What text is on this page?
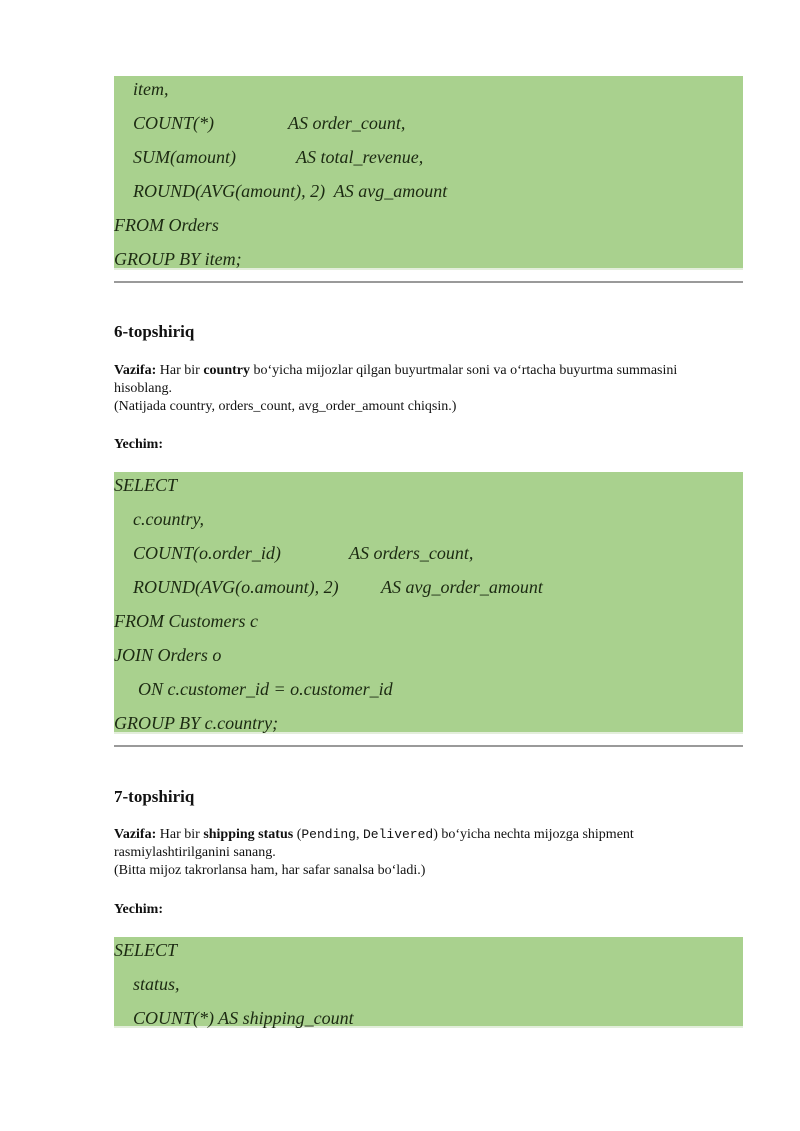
item,
COUNT(*)	AS order_count,
SUM(amount)	AS total_revenue,
ROUND(AVG(amount), 2)  AS avg_amount
FROM Orders
GROUP BY item;
6-topshiriq
Vazifa: Har bir country bo‘yicha mijozlar qilgan buyurtmalar soni va o‘rtacha buyurtma summasini hisoblang.
(Natijada country, orders_count, avg_order_amount chiqsin.)
Yechim:
SELECT
c.country,
COUNT(o.order_id)	AS orders_count,
ROUND(AVG(o.amount), 2) AS avg_order_amount
FROM Customers c
JOIN Orders o
ON c.customer_id = o.customer_id
GROUP BY c.country;
7-topshiriq
Vazifa: Har bir shipping status (Pending, Delivered) bo‘yicha nechta mijozga shipment rasmiylashtirilganini sanang.
(Bitta mijoz takrorlansa ham, har safar sanalsa bo‘ladi.)
Yechim:
SELECT
status,
COUNT(*) AS shipping_count
